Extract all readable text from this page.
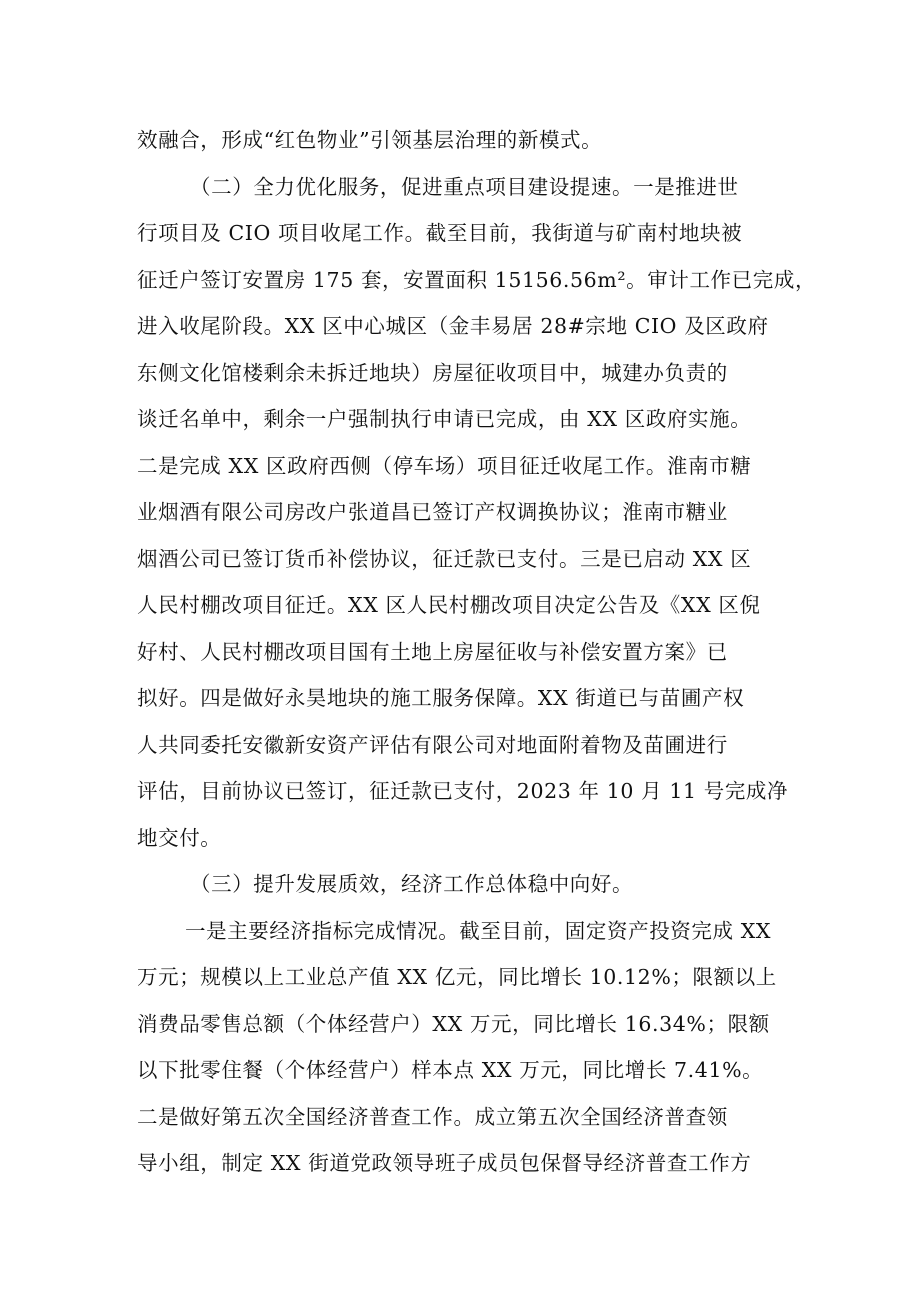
效融合，形成“红色物业”引领基层治理的新模式。
（二）全力优化服务，促进重点项目建设提速。一是推进世
行项目及 CIO 项目收尾工作。截至目前，我街道与矿南村地块被
征迁户签订安置房 175 套，安置面积 15156.56m²。审计工作已完成，
进入收尾阶段。XX 区中心城区（金丰易居 28#宗地 CIO 及区政府
东侧文化馆楼剩余未拆迁地块）房屋征收项目中，城建办负责的
谈迁名单中，剩余一户强制执行申请已完成，由 XX 区政府实施。
二是完成 XX 区政府西侧（停车场）项目征迁收尾工作。淮南市糖
业烟酒有限公司房改户张道昌已签订产权调换协议；淮南市糖业
烟酒公司已签订货币补偿协议，征迁款已支付。三是已启动 XX 区
人民村棚改项目征迁。XX 区人民村棚改项目决定公告及《XX 区倪
好村、人民村棚改项目国有土地上房屋征收与补偿安置方案》已
拟好。四是做好永昊地块的施工服务保障。XX 街道已与苗圃产权
人共同委托安徽新安资产评估有限公司对地面附着物及苗圃进行
评估，目前协议已签订，征迁款已支付，2023 年 10 月 11 号完成净
地交付。
（三）提升发展质效，经济工作总体稳中向好。
一是主要经济指标完成情况。截至目前，固定资产投资完成 XX
万元；规模以上工业总产值 XX 亿元，同比增长 10.12%；限额以上
消费品零售总额（个体经营户）XX 万元，同比增长 16.34%；限额
以下批零住餐（个体经营户）样本点 XX 万元，同比增长 7.41%。
二是做好第五次全国经济普查工作。成立第五次全国经济普查领
导小组，制定 XX 街道党政领导班子成员包保督导经济普查工作方
